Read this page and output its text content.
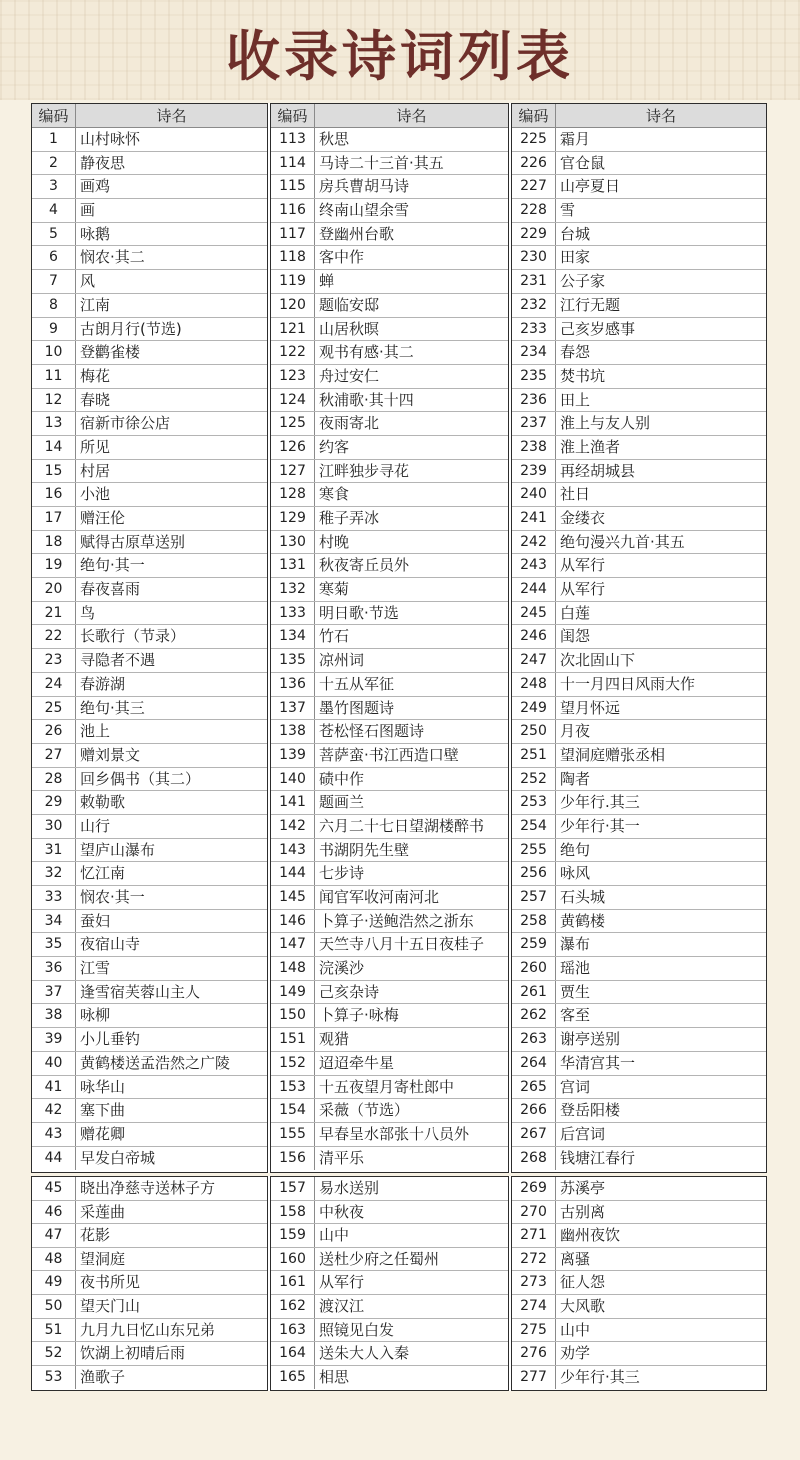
收录诗词列表
编码	诗名
1	山村咏怀
2	静夜思
3	画鸡
4	画
5	咏鹅
6	悯农·其二
7	风
8	江南
9	古朗月行(节选)
10	登鹳雀楼
11	梅花
12	春晓
13	宿新市徐公店
14	所见
15	村居
16	小池
17	赠汪伦
18	赋得古原草送别
19	绝句·其一
20	春夜喜雨
21	鸟
22	长歌行（节录）
23	寻隐者不遇
24	春游湖
25	绝句·其三
26	池上
27	赠刘景文
28	回乡偶书（其二）
29	敕勒歌
30	山行
31	望庐山瀑布
32	忆江南
33	悯农·其一
34	蚕妇
35	夜宿山寺
36	江雪
37	逢雪宿芙蓉山主人
38	咏柳
39	小儿垂钓
40	黄鹤楼送孟浩然之广陵
41	咏华山
42	塞下曲
43	赠花卿
44	早发白帝城
编码	诗名
113 秋思
114 马诗二十三首·其五
115 房兵曹胡马诗
116 终南山望余雪
117 登幽州台歌
118 客中作
119 蝉
120 题临安邸
121 山居秋暝
122 观书有感·其二
123 舟过安仁
124 秋浦歌·其十四
125 夜雨寄北
126 约客
127 江畔独步寻花
128 寒食
129 稚子弄冰
130 村晚
131 秋夜寄丘员外
132 寒菊
133 明日歌·节选
134 竹石
135 凉州词
136 十五从军征
137 墨竹图题诗
138 苍松怪石图题诗
139 菩萨蛮·书江西造口壁
140 碛中作
141 题画兰
142 六月二十七日望湖楼醉书
143 书湖阴先生壁
144 七步诗
145 闻官军收河南河北
146 卜算子·送鲍浩然之浙东
147 天竺寺八月十五日夜桂子
148 浣溪沙
149 己亥杂诗
150 卜算子·咏梅
151 观猎
152 迢迢牵牛星
153 十五夜望月寄杜郎中
154 采薇（节选）
155 早春呈水部张十八员外
156 清平乐
编码	诗名
225 霜月
226 官仓鼠
227 山亭夏日
228 雪
229 台城
230 田家
231 公子家
232 江行无题
233 己亥岁感事
234 春怨
235 焚书坑
236 田上
237 淮上与友人别
238 淮上渔者
239 再经胡城县
240 社日
241 金缕衣
242 绝句漫兴九首·其五
243 从军行
244 从军行
245 白莲
246 闺怨
247 次北固山下
248 十一月四日风雨大作
249 望月怀远
250 月夜
251 望洞庭赠张丞相
252 陶者
253 少年行.其三
254 少年行·其一
255 绝句
256 咏风
257 石头城
258 黄鹤楼
259 瀑布
260 瑶池
261 贾生
262 客至
263 谢亭送别
264 华清宫其一
265 宫词
266 登岳阳楼
267 后宫词
268 钱塘江春行
45	晓出净慈寺送林子方
46	采莲曲
47	花影
48	望洞庭
49	夜书所见
50	望天门山
51	九月九日忆山东兄弟
52	饮湖上初晴后雨
53	渔歌子
157 易水送别
158 中秋夜
159 山中
160 送杜少府之任蜀州
161 从军行
162 渡汉江
163 照镜见白发
164 送朱大人入秦
165 相思
269 苏溪亭
270 古别离
271 幽州夜饮
272 离骚
273 征人怨
274 大风歌
275 山中
276 劝学
277 少年行·其三
